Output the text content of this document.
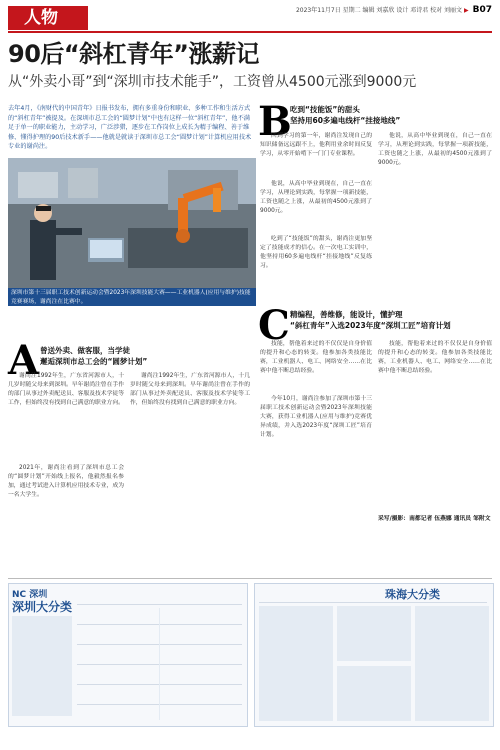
人物	2023年11月7日 星期二 编辑 刘嘉欣 设计 邓诗君 校对 刘丽文 ▶ B07
90后“斜杠青年”涨薪记
从“外卖小哥”到“深圳市技术能手”，工资曾从4500元涨到9000元
去年4月，《南财代的中国青年》日报书发布，拥有多重身份和职业、多种工作和生活方式的“斜杠青年”被提及。在深圳市总工会的“圆梦计划”中也有这样一位“斜杠青年”，他不满足于单一的职业能力，主动学习，广泛涉猎，逐步在工作岗位上成长为精于编程、善于维修、懂得护理的90后技术新手——他就是就读于深圳市总工会“圆梦计划”计算机应用技术专业的谢尚注。
深圳市第十三届职工技术创新运动会暨2023年深圳技能大赛——工业机器人(应用与维护)技能竞赛赛场，谢尚注在比赛中。
A 曾送外卖、做客服，当学徒
邂逅深圳市总工会的“圆梦计划”
谢尚注1992年生，广东省河源市人，十几岁时随父母来到深圳。早年谢尚注曾在手作的部门从事过外卖配送员、客服及技术学徒等工作，但始终没有找到自己满意的职业方向。
2021年，谢尚注看到了深圳市总工会的“圆梦计划”开始线上报名，他毅然报名参加，通过考试进入计算机应用技术专业，成为一名大学生。
谢尚注1992年生，广东省河源市人，十几岁时随父母来到深圳。早年谢尚注曾在手作的部门从事过外卖配送员、客服及技术学徒等工作，但始终没有找到自己满意的职业方向。
B
吃到“技能饭”的甜头
坚持用60多遍电线杆“挂接地线”
回到学习的第一年，谢尚注发现自己的知识储备远远跟不上，他利用业余时间反复学习，从零开始啃下一门门专业课程。
他说，从高中毕业到现在，自己一直在学习，从理论到实践，每掌握一项新技能，工资也随之上涨，从最初的4500元涨到了9000元。
吃到了“技能饭”的甜头，谢尚注更加坚定了技能成才的信心。在一次电工实训中，他坚持用60多遍电线杆“挂接地线”反复练习。
他说，从高中毕业到现在，自己一直在学习，从理论到实践，每掌握一项新技能，工资也随之上涨，从最初的4500元涨到了9000元。
C 精编程，善维修，能设计，懂护理
“斜杠青年”入选2023年度“深圳工匠”培育计划
技能，帮他着来过的不仅仅是自身价值的提升和心态的转变。他参加各类技能比赛，工业机器人、电工、网络安全……在比赛中他不断总结经验。
今年10月，谢尚注参加了深圳市第十三届职工技术创新运动会暨2023年深圳技能大赛，获得工业机器人(应用与维护)竞赛优异成绩，并入选2023年度“深圳工匠”培育计划。
技能，帮他着来过的不仅仅是自身价值的提升和心态的转变。他参加各类技能比赛，工业机器人、电工、网络安全……在比赛中他不断总结经验。
采写/摄影：南都记者 伍燕娜 通讯员 邹附文
NC 深圳
深圳大分类
珠海大分类
